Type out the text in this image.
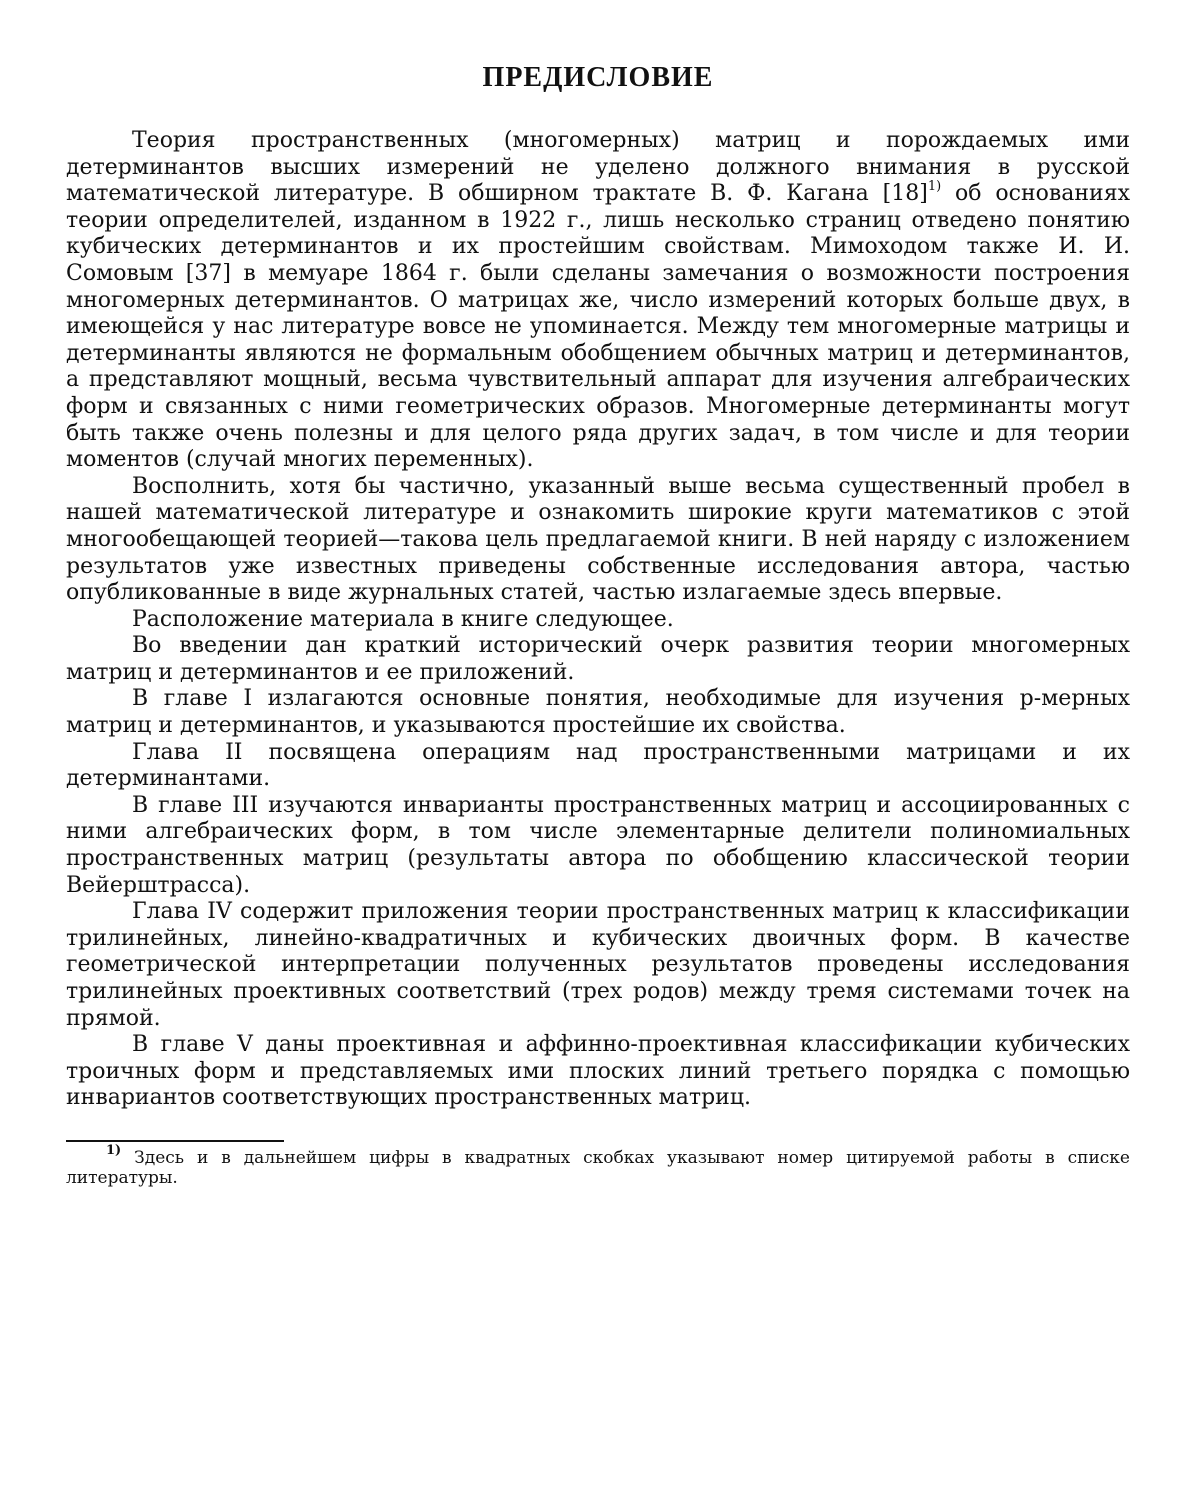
ПРЕДИСЛОВИЕ

Теория пространственных (многомерных) матриц и порождаемых ими детерминантов высших измерений не уделено должного внимания в русской математической литературе. В обширном трактате В. Ф. Кагана [18]1) об основаниях теории определителей, изданном в 1922 г., лишь несколько страниц отведено понятию кубических детерминантов и их простейшим свойствам. Мимоходом также И. И. Сомовым [37] в мемуаре 1864 г. были сделаны замечания о возможности построения многомерных детерминантов. О матрицах же, число измерений которых больше двух, в имеющейся у нас литературе вовсе не упоминается. Между тем многомерные матрицы и детерминанты являются не формальным обобщением обычных матриц и детерминантов, а представляют мощный, весьма чувствительный аппарат для изучения алгебраических форм и связанных с ними геометрических образов. Многомерные детерминанты могут быть также очень полезны и для целого ряда других задач, в том числе и для теории моментов (случай многих переменных).

Восполнить, хотя бы частично, указанный выше весьма существенный пробел в нашей математической литературе и ознакомить широкие круги математиков с этой многообещающей теорией—такова цель предлагаемой книги. В ней наряду с изложением результатов уже известных приведены собственные исследования автора, частью опубликованные в виде журнальных статей, частью излагаемые здесь впервые.

Расположение материала в книге следующее.

Во введении дан краткий исторический очерк развития теории многомерных матриц и детерминантов и ее приложений.

В главе I излагаются основные понятия, необходимые для изучения p-мерных матриц и детерминантов, и указываются простейшие их свойства.

Глава II посвящена операциям над пространственными матрицами и их детерминантами.

В главе III изучаются инварианты пространственных матриц и ассоциированных с ними алгебраических форм, в том числе элементарные делители полиномиальных пространственных матриц (результаты автора по обобщению классической теории Вейерштрасса).

Глава IV содержит приложения теории пространственных матриц к классификации трилинейных, линейно-квадратичных и кубических двоичных форм. В качестве геометрической интерпретации полученных результатов проведены исследования трилинейных проективных соответствий (трех родов) между тремя системами точек на прямой.

В главе V даны проективная и аффинно-проективная классификации кубических троичных форм и представляемых ими плоских линий третьего порядка с помощью инвариантов соответствующих пространственных матриц.

1) Здесь и в дальнейшем цифры в квадратных скобках указывают номер цитируемой работы в списке литературы.
